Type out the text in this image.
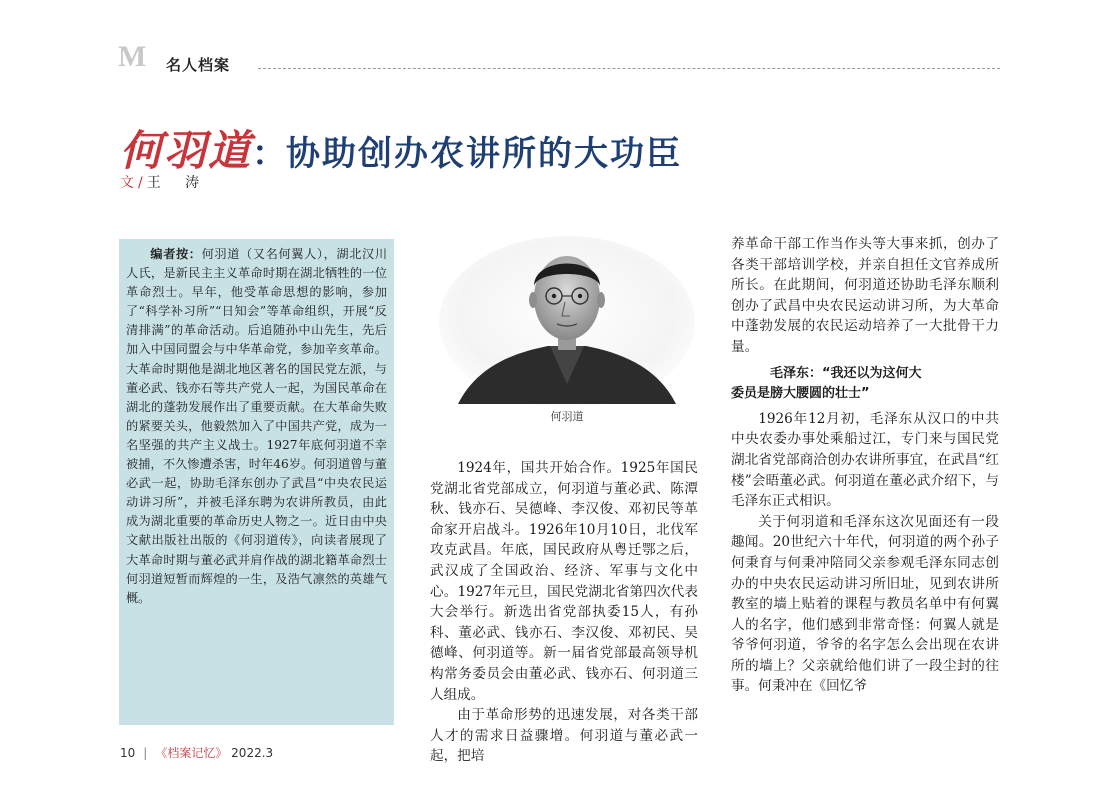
M 名人档案
何羽道：协助创办农讲所的大功臣
文 / 王 涛

编者按：何羽道（又名何翼人），湖北汉川人氏，是新民主主义革命时期在湖北牺牲的一位革命烈士。早年，他受革命思想的影响，参加了“科学补习所”“日知会”等革命组织，开展“反清排满”的革命活动。后追随孙中山先生，先后加入中国同盟会与中华革命党，参加辛亥革命。大革命时期他是湖北地区著名的国民党左派，与董必武、钱亦石等共产党人一起，为国民革命在湖北的蓬勃发展作出了重要贡献。在大革命失败的紧要关头，他毅然加入了中国共产党，成为一名坚强的共产主义战士。1927年底何羽道不幸被捕，不久惨遭杀害，时年46岁。何羽道曾与董必武一起，协助毛泽东创办了武昌“中央农民运动讲习所”，并被毛泽东聘为农讲所教员，由此成为湖北重要的革命历史人物之一。近日由中央文献出版社出版的《何羽道传》，向读者展现了大革命时期与董必武并肩作战的湖北籍革命烈士何羽道短暂而辉煌的一生，及浩气凛然的英雄气概。

何羽道

1924年，国共开始合作。1925年国民党湖北省党部成立，何羽道与董必武、陈潭秋、钱亦石、吴德峰、李汉俊、邓初民等革命家开启战斗。1926年10月10日，北伐军攻克武昌。年底，国民政府从粤迁鄂之后，武汉成了全国政治、经济、军事与文化中心。1927年元旦，国民党湖北省第四次代表大会举行。新选出省党部执委15人，有孙科、董必武、钱亦石、李汉俊、邓初民、吴德峰、何羽道等。新一届省党部最高领导机构常务委员会由董必武、钱亦石、何羽道三人组成。

由于革命形势的迅速发展，对各类干部人才的需求日益骤增。何羽道与董必武一起，把培

养革命干部工作当作头等大事来抓，创办了各类干部培训学校，并亲自担任文官养成所所长。在此期间，何羽道还协助毛泽东顺利创办了武昌中央农民运动讲习所，为大革命中蓬勃发展的农民运动培养了一大批骨干力量。

毛泽东：“我还以为这何大
委员是膀大腰圆的壮士”

1926年12月初，毛泽东从汉口的中共中央农委办事处乘船过江，专门来与国民党湖北省党部商洽创办农讲所事宜，在武昌“红楼”会晤董必武。何羽道在董必武介绍下，与毛泽东正式相识。

关于何羽道和毛泽东这次见面还有一段趣闻。20世纪六十年代，何羽道的两个孙子何秉育与何秉冲陪同父亲参观毛泽东同志创办的中央农民运动讲习所旧址，见到农讲所教室的墙上贴着的课程与教员名单中有何翼人的名字，他们感到非常奇怪：何翼人就是爷爷何羽道，爷爷的名字怎么会出现在农讲所的墙上？父亲就给他们讲了一段尘封的往事。何秉冲在《回忆爷

10 | 《档案记忆》 2022.3
